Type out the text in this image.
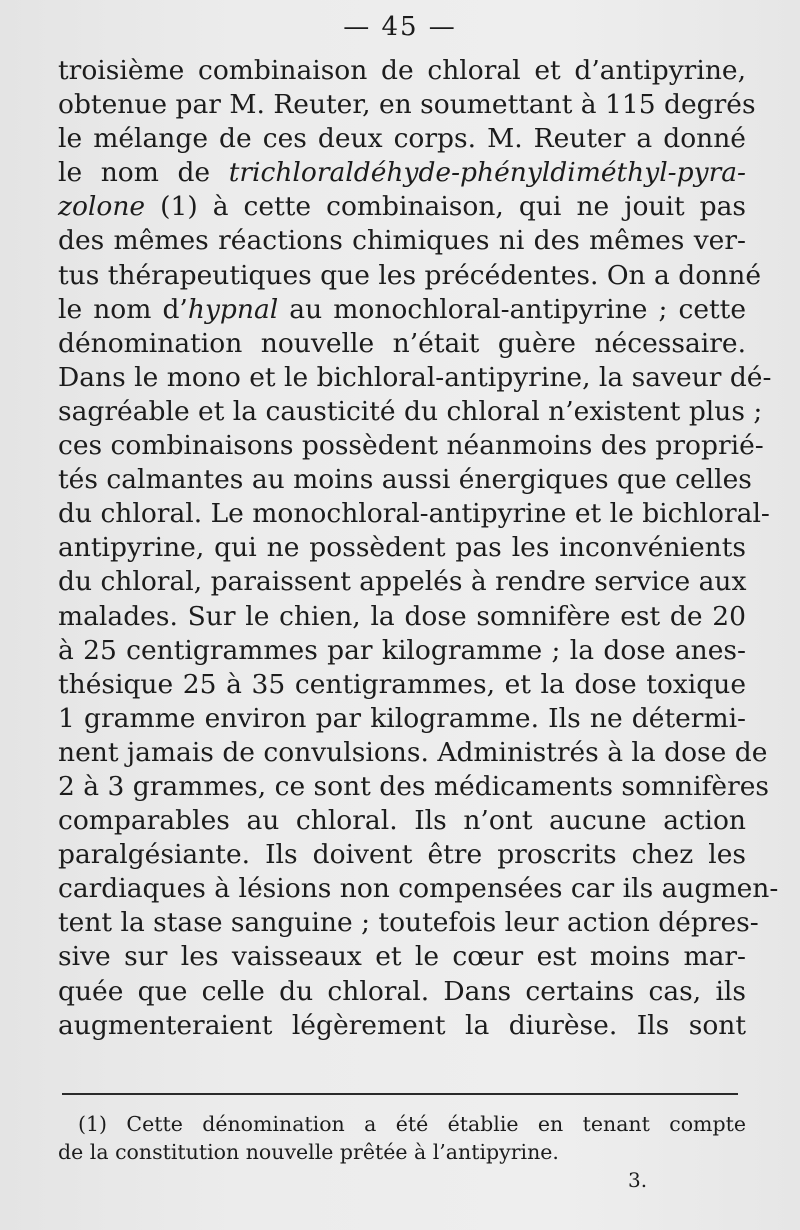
— 45 —
troisième combinaison de chloral et d’antipyrine,
obtenue par M. Reuter, en soumettant à 115 degrés
le mélange de ces deux corps. M. Reuter a donné
le nom de trichloraldéhyde-phényldiméthyl-pyra-
zolone (1) à cette combinaison, qui ne jouit pas
des mêmes réactions chimiques ni des mêmes ver-
tus thérapeutiques que les précédentes. On a donné
le nom d’hypnal au monochloral-antipyrine ; cette
dénomination nouvelle n’était guère nécessaire.
Dans le mono et le bichloral-antipyrine, la saveur dé-
sagréable et la causticité du chloral n’existent plus ;
ces combinaisons possèdent néanmoins des proprié-
tés calmantes au moins aussi énergiques que celles
du chloral. Le monochloral-antipyrine et le bichloral-
antipyrine, qui ne possèdent pas les inconvénients
du chloral, paraissent appelés à rendre service aux
malades. Sur le chien, la dose somnifère est de 20
à 25 centigrammes par kilogramme ; la dose anes-
thésique 25 à 35 centigrammes, et la dose toxique
1 gramme environ par kilogramme. Ils ne détermi-
nent jamais de convulsions. Administrés à la dose de
2 à 3 grammes, ce sont des médicaments somnifères
comparables au chloral. Ils n’ont aucune action
paralgésiante. Ils doivent être proscrits chez les
cardiaques à lésions non compensées car ils augmen-
tent la stase sanguine ; toutefois leur action dépres-
sive sur les vaisseaux et le cœur est moins mar-
quée que celle du chloral. Dans certains cas, ils
augmenteraient légèrement la diurèse. Ils sont
(1) Cette dénomination a été établie en tenant compte
de la constitution nouvelle prêtée à l’antipyrine.
3.
